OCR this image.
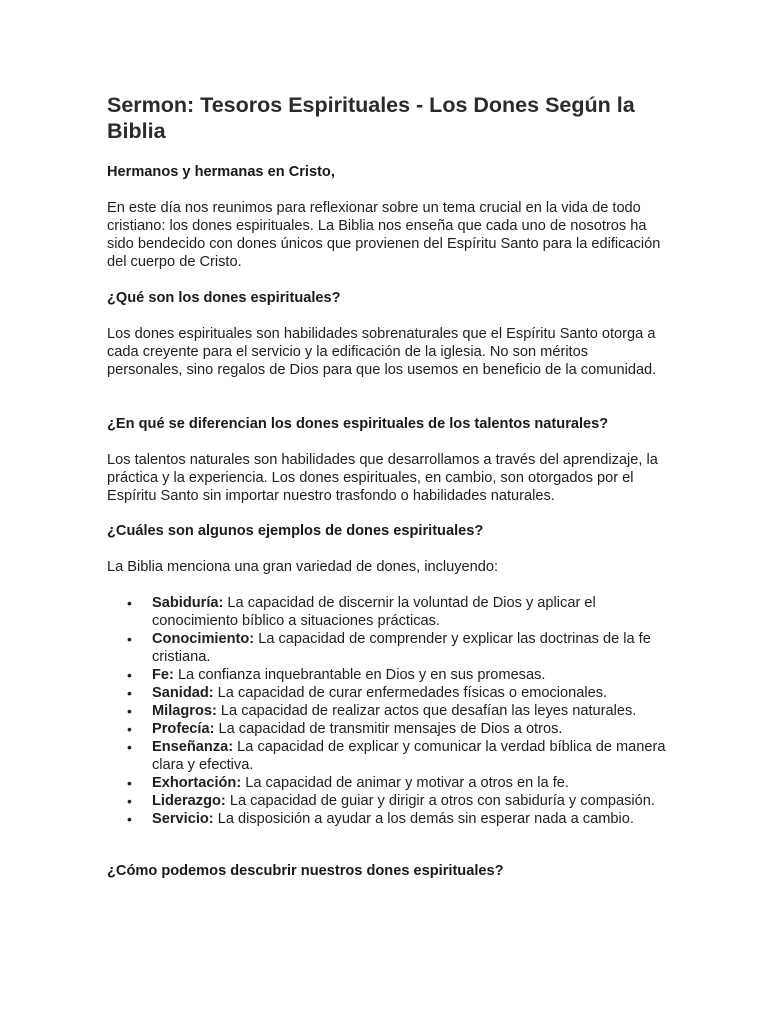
Sermon: Tesoros Espirituales - Los Dones Según la Biblia

Hermanos y hermanas en Cristo,

En este día nos reunimos para reflexionar sobre un tema crucial en la vida de todo cristiano: los dones espirituales. La Biblia nos enseña que cada uno de nosotros ha sido bendecido con dones únicos que provienen del Espíritu Santo para la edificación del cuerpo de Cristo.

¿Qué son los dones espirituales?

Los dones espirituales son habilidades sobrenaturales que el Espíritu Santo otorga a cada creyente para el servicio y la edificación de la iglesia. No son méritos personales, sino regalos de Dios para que los usemos en beneficio de la comunidad.

¿En qué se diferencian los dones espirituales de los talentos naturales?

Los talentos naturales son habilidades que desarrollamos a través del aprendizaje, la práctica y la experiencia. Los dones espirituales, en cambio, son otorgados por el Espíritu Santo sin importar nuestro trasfondo o habilidades naturales.

¿Cuáles son algunos ejemplos de dones espirituales?

La Biblia menciona una gran variedad de dones, incluyendo:

• Sabiduría: La capacidad de discernir la voluntad de Dios y aplicar el conocimiento bíblico a situaciones prácticas.
• Conocimiento: La capacidad de comprender y explicar las doctrinas de la fe cristiana.
• Fe: La confianza inquebrantable en Dios y en sus promesas.
• Sanidad: La capacidad de curar enfermedades físicas o emocionales.
• Milagros: La capacidad de realizar actos que desafían las leyes naturales.
• Profecía: La capacidad de transmitir mensajes de Dios a otros.
• Enseñanza: La capacidad de explicar y comunicar la verdad bíblica de manera clara y efectiva.
• Exhortación: La capacidad de animar y motivar a otros en la fe.
• Liderazgo: La capacidad de guiar y dirigir a otros con sabiduría y compasión.
• Servicio: La disposición a ayudar a los demás sin esperar nada a cambio.

¿Cómo podemos descubrir nuestros dones espirituales?
